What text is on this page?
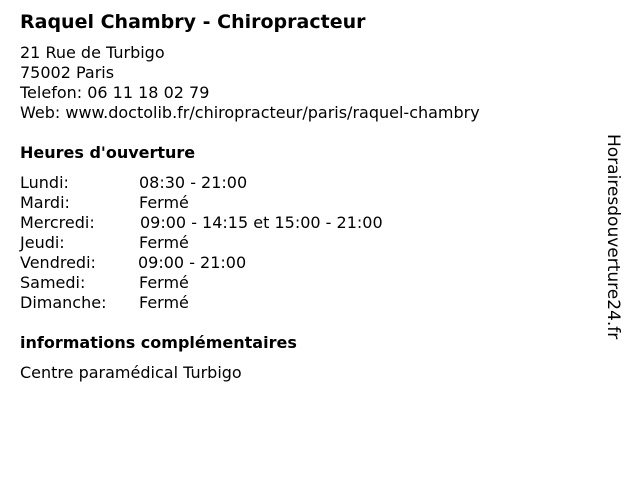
Raquel Chambry - Chiropracteur
21 Rue de Turbigo
75002 Paris
Telefon: 06 11 18 02 79
Web: www.doctolib.fr/chiropracteur/paris/raquel-chambry
Heures d'ouverture
Lundi:	08:30 - 21:00
Mardi:	Fermé
Mercredi:	09:00 - 14:15 et 15:00 - 21:00
Jeudi:	Fermé
Vendredi:	09:00 - 21:00
Samedi:	Fermé
Dimanche:	Fermé
informations complémentaires
Centre paramédical Turbigo
Horairesdouverture24.fr
